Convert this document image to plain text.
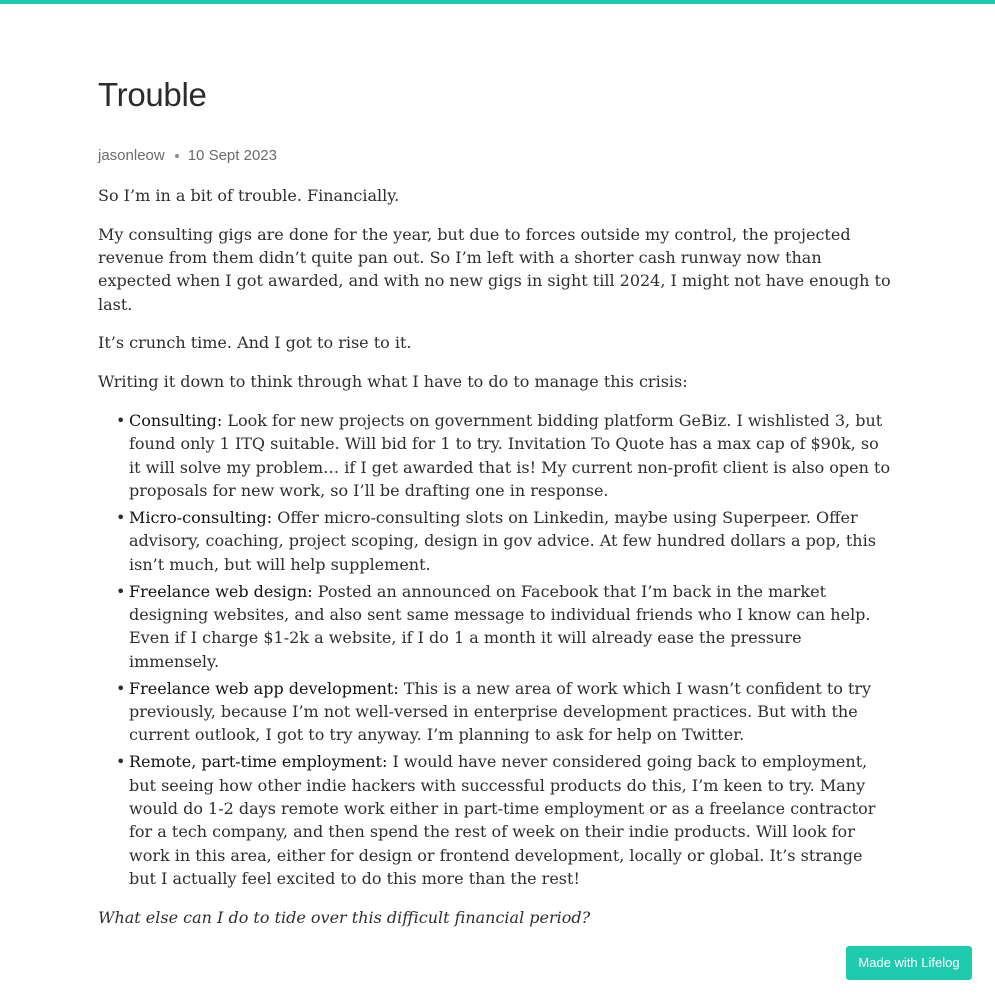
Trouble
jasonleow 10 Sept 2023

So I’m in a bit of trouble. Financially.

My consulting gigs are done for the year, but due to forces outside my control, the projected revenue from them didn’t quite pan out. So I’m left with a shorter cash runway now than expected when I got awarded, and with no new gigs in sight till 2024, I might not have enough to last.

It’s crunch time. And I got to rise to it.

Writing it down to think through what I have to do to manage this crisis:

• Consulting: Look for new projects on government bidding platform GeBiz. I wishlisted 3, but found only 1 ITQ suitable. Will bid for 1 to try. Invitation To Quote has a max cap of $90k, so it will solve my problem… if I get awarded that is! My current non-profit client is also open to proposals for new work, so I’ll be drafting one in response.
• Micro-consulting: Offer micro-consulting slots on Linkedin, maybe using Superpeer. Offer advisory, coaching, project scoping, design in gov advice. At few hundred dollars a pop, this isn’t much, but will help supplement.
• Freelance web design: Posted an announced on Facebook that I’m back in the market designing websites, and also sent same message to individual friends who I know can help. Even if I charge $1-2k a website, if I do 1 a month it will already ease the pressure immensely.
• Freelance web app development: This is a new area of work which I wasn’t confident to try previously, because I’m not well-versed in enterprise development practices. But with the current outlook, I got to try anyway. I’m planning to ask for help on Twitter.
• Remote, part-time employment: I would have never considered going back to employment, but seeing how other indie hackers with successful products do this, I’m keen to try. Many would do 1-2 days remote work either in part-time employment or as a freelance contractor for a tech company, and then spend the rest of week on their indie products. Will look for work in this area, either for design or frontend development, locally or global. It’s strange but I actually feel excited to do this more than the rest!

What else can I do to tide over this difficult financial period?

Made with Lifelog
